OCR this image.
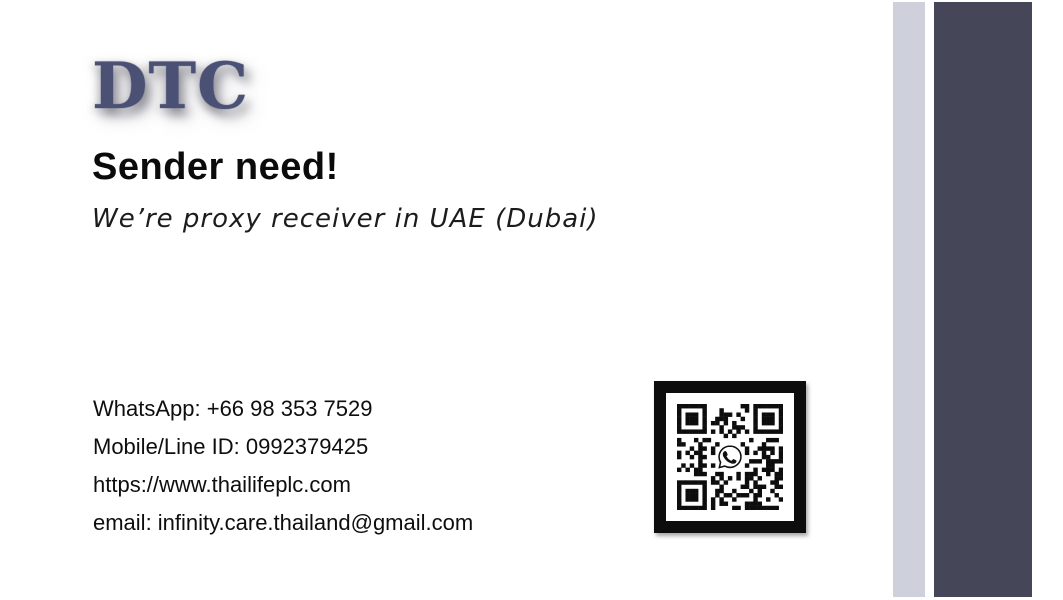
DTC
Sender need!
We’re proxy receiver in UAE (Dubai)
WhatsApp: +66 98 353 7529
Mobile/Line ID: 0992379425
https://www.thailifeplc.com
email: infinity.care.thailand@gmail.com
